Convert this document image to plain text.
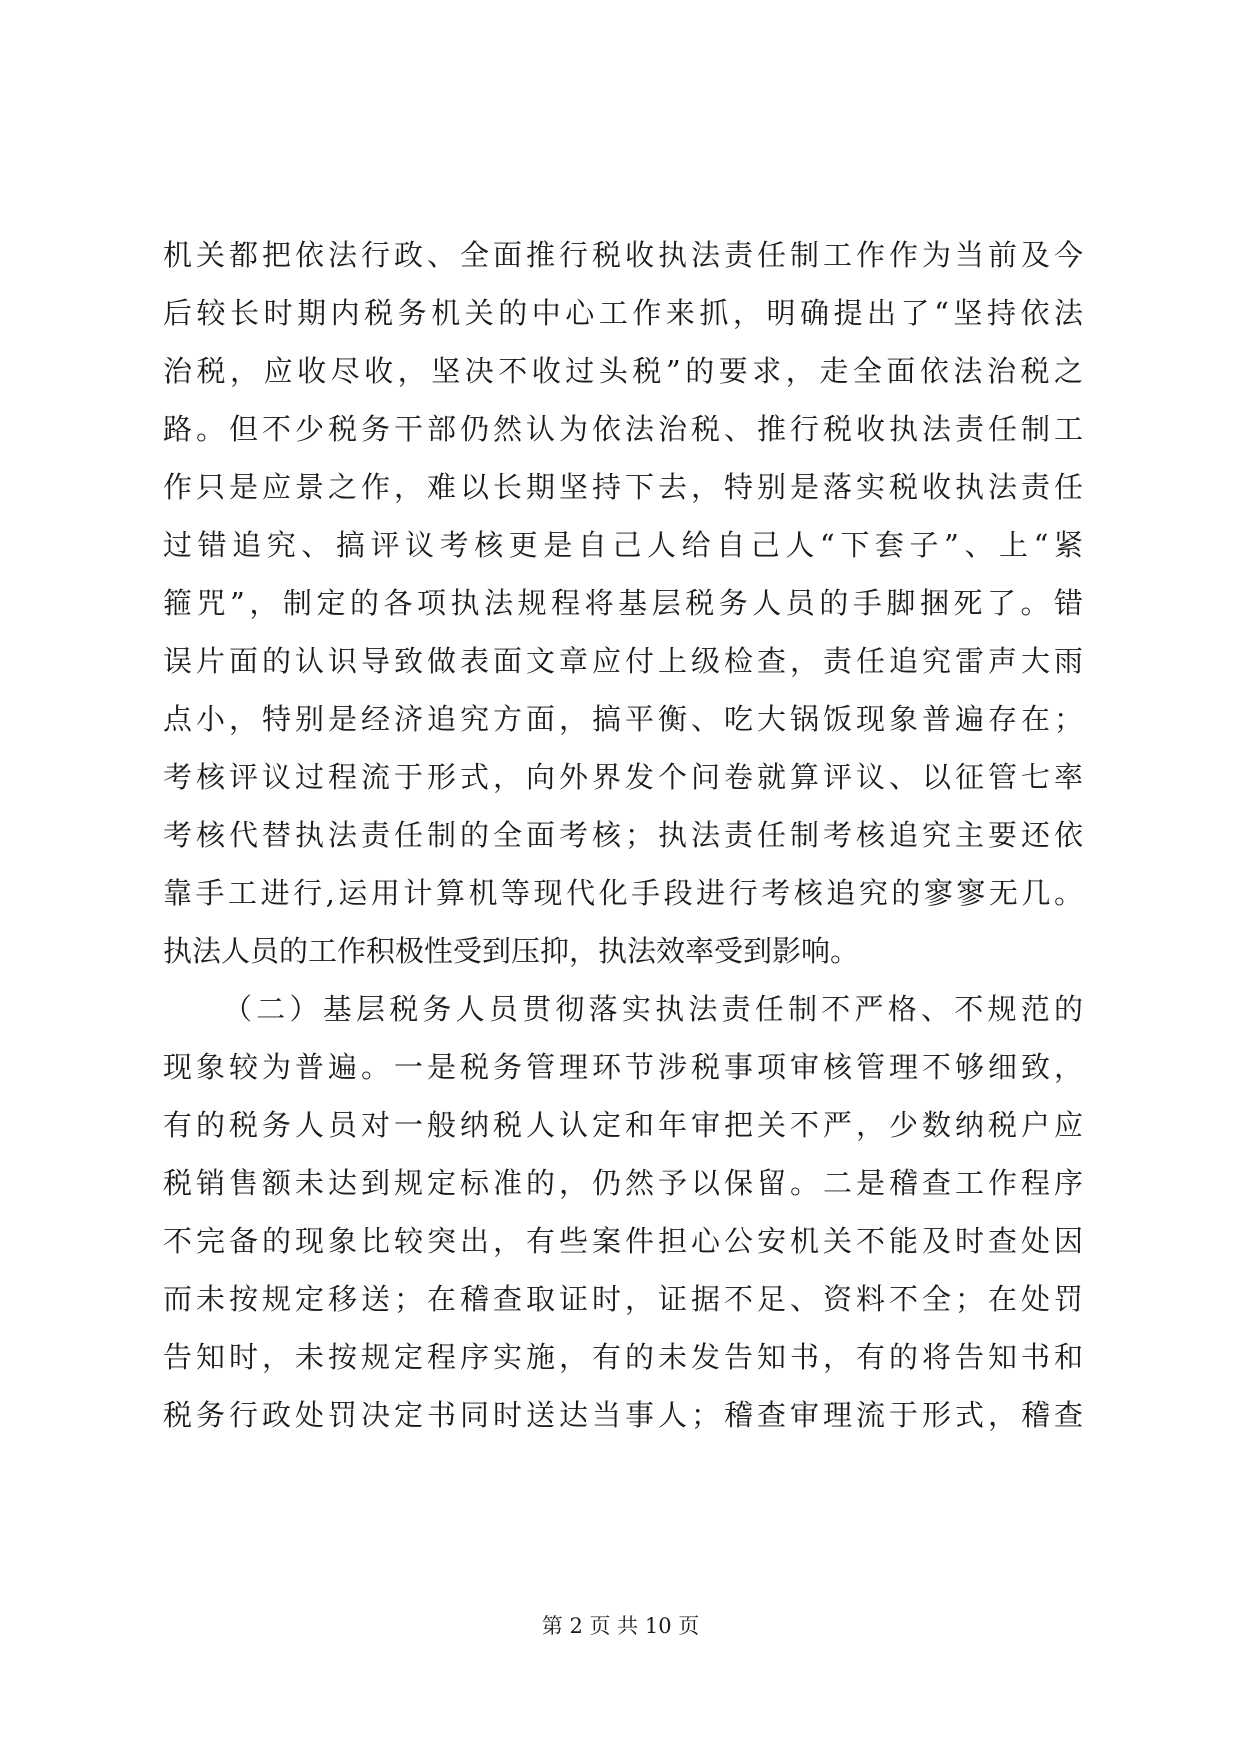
机关都把依法行政、全面推行税收执法责任制工作作为当前及今
后较长时期内税务机关的中心工作来抓，明确提出了“坚持依法
治税，应收尽收，坚决不收过头税”的要求，走全面依法治税之
路。但不少税务干部仍然认为依法治税、推行税收执法责任制工
作只是应景之作，难以长期坚持下去，特别是落实税收执法责任
过错追究、搞评议考核更是自己人给自己人“下套子”、上“紧
箍咒”，制定的各项执法规程将基层税务人员的手脚捆死了。错
误片面的认识导致做表面文章应付上级检查，责任追究雷声大雨
点小，特别是经济追究方面，搞平衡、吃大锅饭现象普遍存在；
考核评议过程流于形式，向外界发个问卷就算评议、以征管七率
考核代替执法责任制的全面考核；执法责任制考核追究主要还依
靠手工进行,运用计算机等现代化手段进行考核追究的寥寥无几。
执法人员的工作积极性受到压抑，执法效率受到影响。
（二）基层税务人员贯彻落实执法责任制不严格、不规范的
现象较为普遍。一是税务管理环节涉税事项审核管理不够细致，
有的税务人员对一般纳税人认定和年审把关不严，少数纳税户应
税销售额未达到规定标准的，仍然予以保留。二是稽查工作程序
不完备的现象比较突出，有些案件担心公安机关不能及时查处因
而未按规定移送；在稽查取证时，证据不足、资料不全；在处罚
告知时，未按规定程序实施，有的未发告知书，有的将告知书和
税务行政处罚决定书同时送达当事人；稽查审理流于形式，稽查
第 2 页 共 10 页
